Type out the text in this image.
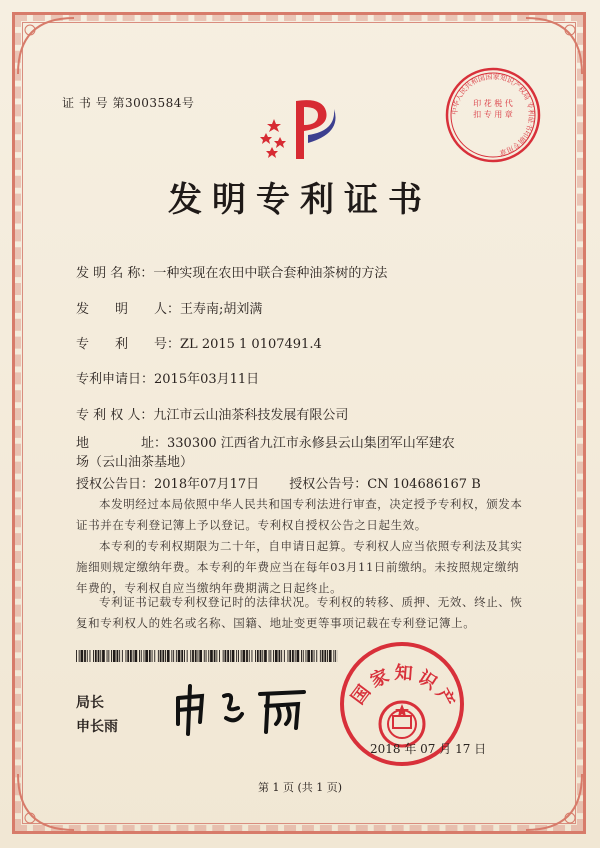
证 书 号 第3003584号
中华人民共和国国家知识产权局 专利证书印刷专用章
印 花 税 代 扣 专 用 章
发明专利证书
发 明 名 称：一种实现在农田中联合套种油茶树的方法
发　　明　　人：王寿南;胡刘满
专　　利　　号：ZL 2015 1 0107491.4
专利申请日：2015年03月11日
专 利 权 人：九江市云山油茶科技发展有限公司
地　　　　址：330300 江西省九江市永修县云山集团军山军建农场（云山油茶基地）
授权公告日：2018年07月17日 授权公告号：CN 104686167 B
本发明经过本局依照中华人民共和国专利法进行审查，决定授予专利权，颁发本证书并在专利登记簿上予以登记。专利权自授权公告之日起生效。
本专利的专利权期限为二十年，自申请日起算。专利权人应当依照专利法及其实施细则规定缴纳年费。本专利的年费应当在每年03月11日前缴纳。未按照规定缴纳年费的，专利权自应当缴纳年费期满之日起终止。
专利证书记载专利权登记时的法律状况。专利权的转移、质押、无效、终止、恢复和专利权人的姓名或名称、国籍、地址变更等事项记载在专利登记簿上。
局长
申长雨
国家知识产
2018 年 07 月 17 日
第 1 页 (共 1 页)
